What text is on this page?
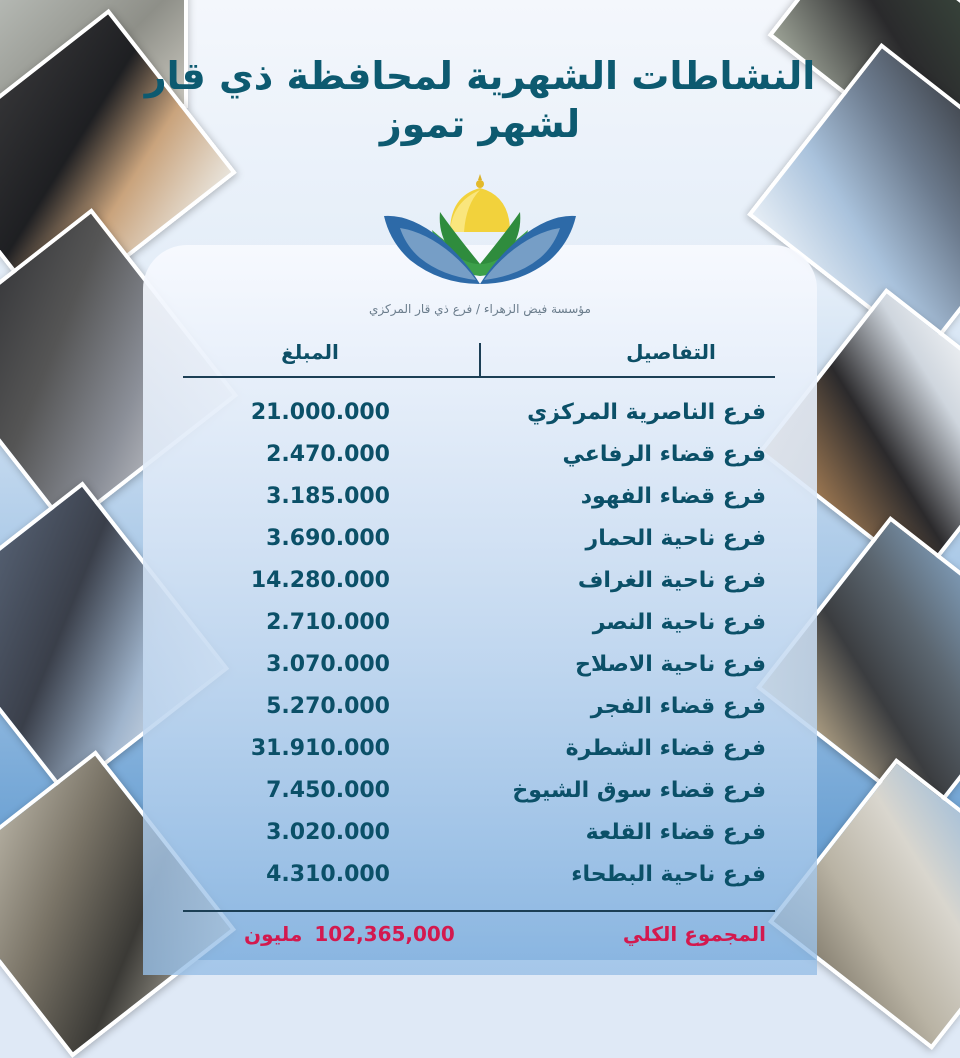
النشاطات الشهرية لمحافظة ذي قار
لشهر تموز
مؤسسة فيض الزهراء / فرع ذي قار المركزي
التفاصيل
المبلغ
فرع الناصرية المركزي
21.000.000
فرع قضاء الرفاعي
2.470.000
فرع قضاء الفهود
3.185.000
فرع ناحية الحمار
3.690.000
فرع ناحية الغراف
14.280.000
فرع ناحية النصر
2.710.000
فرع ناحية الاصلاح
3.070.000
فرع قضاء الفجر
5.270.000
فرع قضاء الشطرة
31.910.000
فرع قضاء سوق الشيوخ
7.450.000
فرع قضاء القلعة
3.020.000
فرع ناحية البطحاء
4.310.000
المجموع الكلي
102,365,000مليون
